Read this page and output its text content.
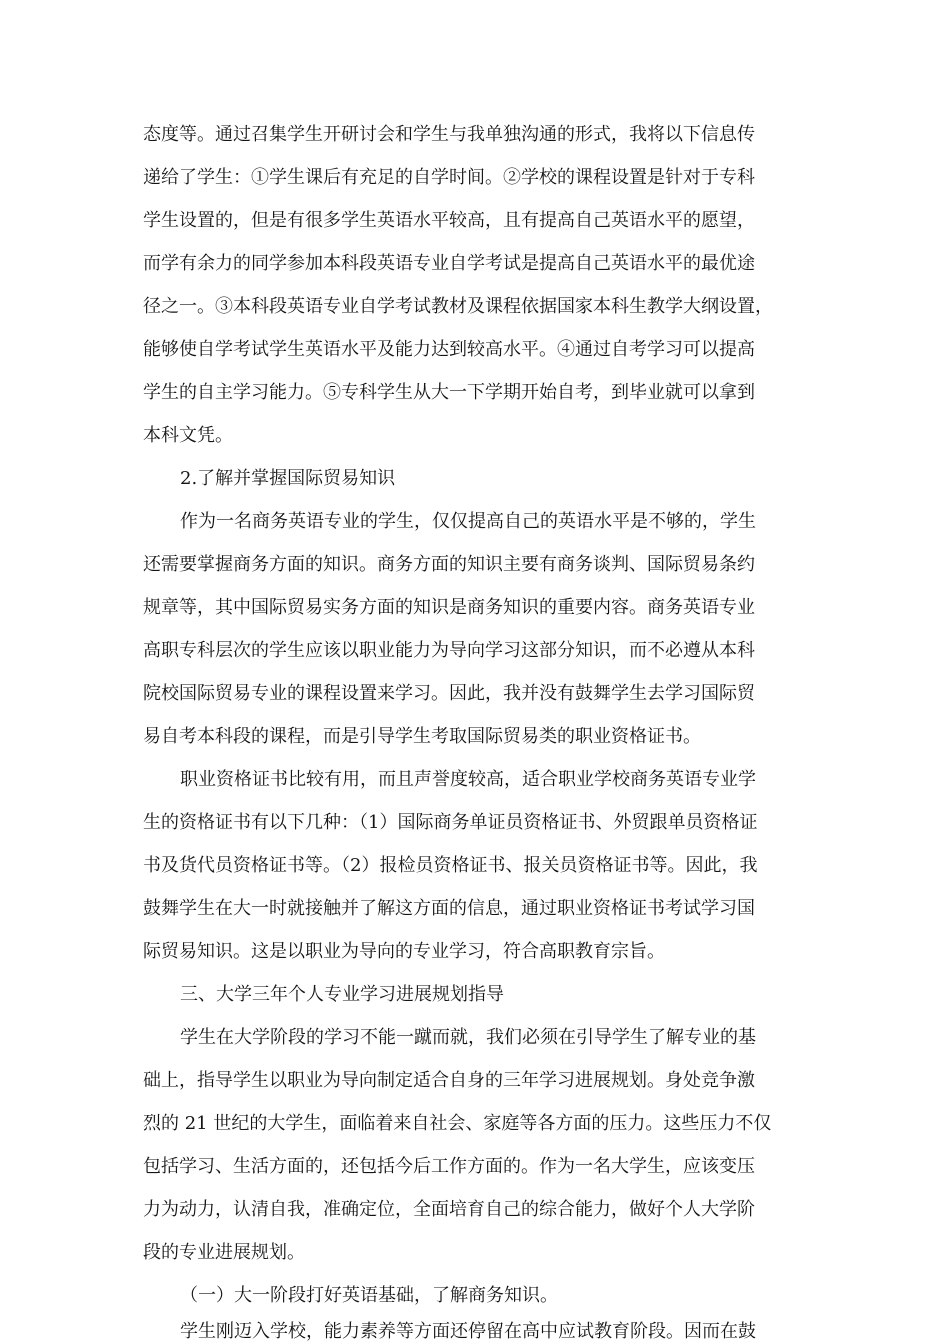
态度等。通过召集学生开研讨会和学生与我单独沟通的形式，我将以下信息传
递给了学生：①学生课后有充足的自学时间。②学校的课程设置是针对于专科
学生设置的，但是有很多学生英语水平较高，且有提高自己英语水平的愿望，
而学有余力的同学参加本科段英语专业自学考试是提高自己英语水平的最优途
径之一。③本科段英语专业自学考试教材及课程依据国家本科生教学大纲设置，
能够使自学考试学生英语水平及能力达到较高水平。④通过自考学习可以提高
学生的自主学习能力。⑤专科学生从大一下学期开始自考，到毕业就可以拿到
本科文凭。
2.了解并掌握国际贸易知识
作为一名商务英语专业的学生，仅仅提高自己的英语水平是不够的，学生
还需要掌握商务方面的知识。商务方面的知识主要有商务谈判、国际贸易条约
规章等，其中国际贸易实务方面的知识是商务知识的重要内容。商务英语专业
高职专科层次的学生应该以职业能力为导向学习这部分知识，而不必遵从本科
院校国际贸易专业的课程设置来学习。因此，我并没有鼓舞学生去学习国际贸
易自考本科段的课程，而是引导学生考取国际贸易类的职业资格证书。
职业资格证书比较有用，而且声誉度较高，适合职业学校商务英语专业学
生的资格证书有以下几种：（1）国际商务单证员资格证书、外贸跟单员资格证
书及货代员资格证书等。（2）报检员资格证书、报关员资格证书等。因此，我
鼓舞学生在大一时就接触并了解这方面的信息，通过职业资格证书考试学习国
际贸易知识。这是以职业为导向的专业学习，符合高职教育宗旨。
三、大学三年个人专业学习进展规划指导
学生在大学阶段的学习不能一蹴而就，我们必须在引导学生了解专业的基
础上，指导学生以职业为导向制定适合自身的三年学习进展规划。身处竞争激
烈的 21 世纪的大学生，面临着来自社会、家庭等各方面的压力。这些压力不仅
包括学习、生活方面的，还包括今后工作方面的。作为一名大学生，应该变压
力为动力，认清自我，准确定位，全面培育自己的综合能力，做好个人大学阶
段的专业进展规划。
（一）大一阶段打好英语基础，了解商务知识。
学生刚迈入学校，能力素养等方面还停留在高中应试教育阶段。因而在鼓
